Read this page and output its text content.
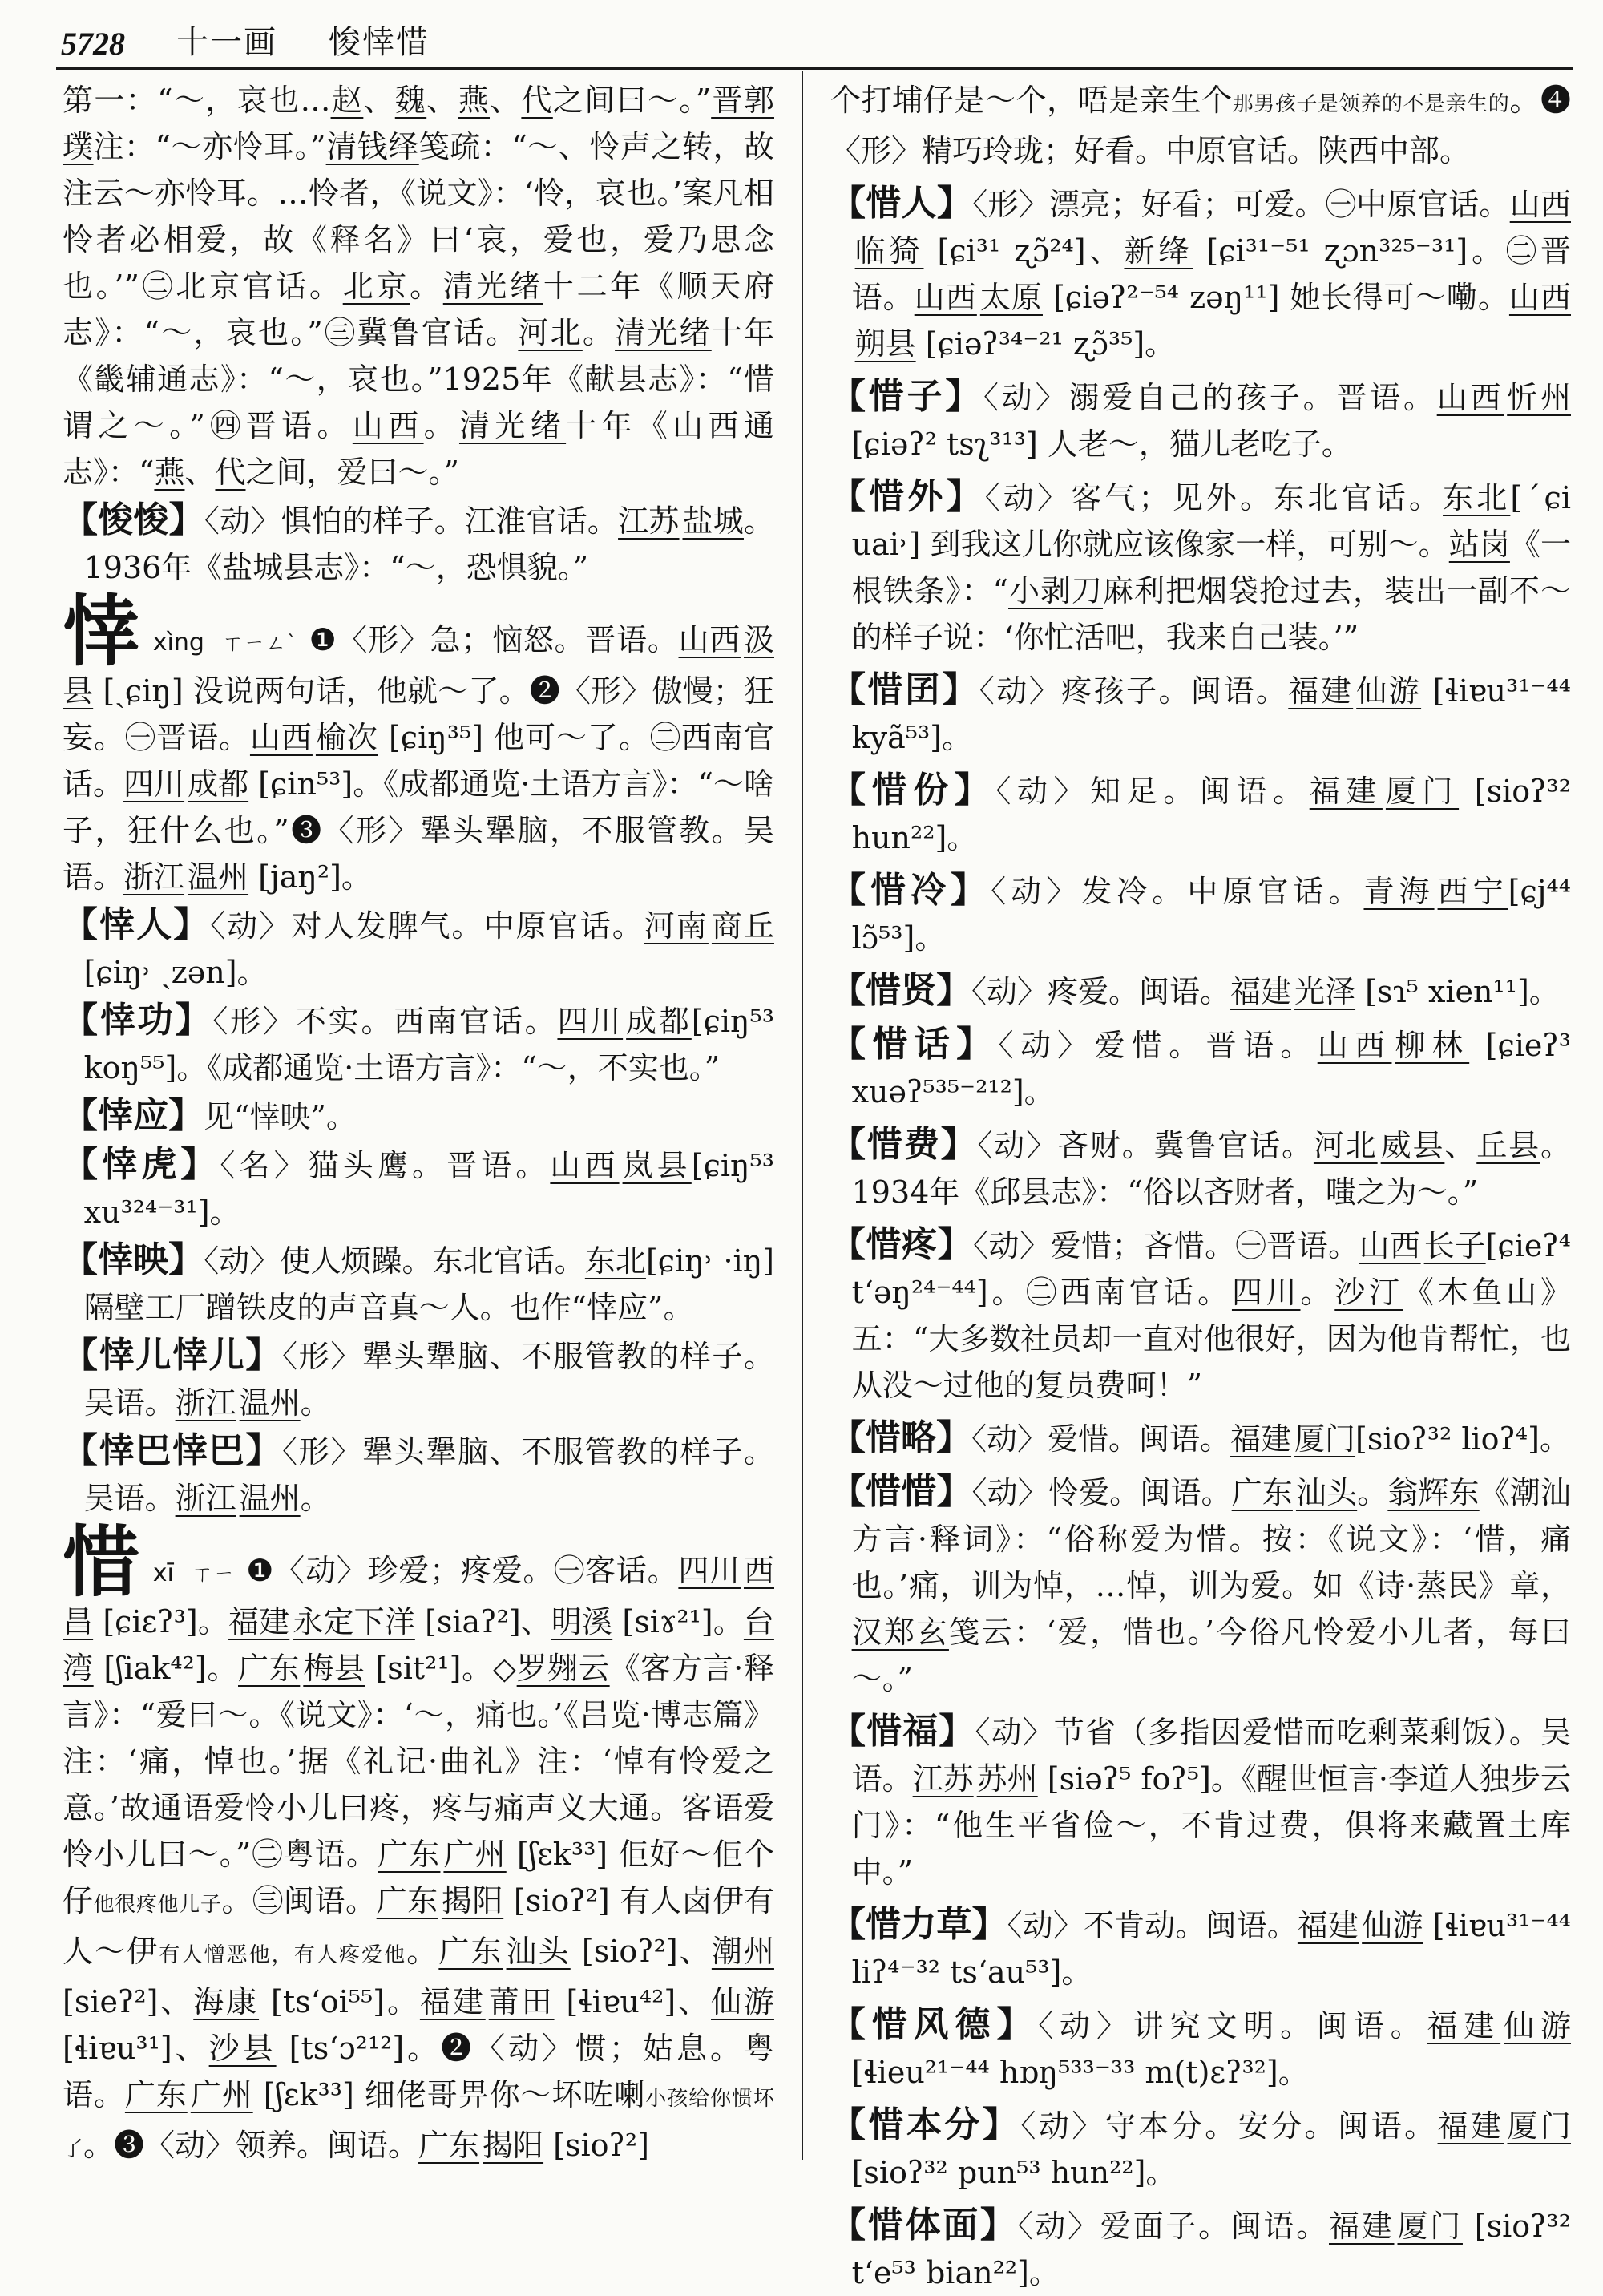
5728 十一画 悛悻惜

第一：“～，哀也…赵、魏、燕、代之间曰～。”晋郭璞注：“～亦怜耳。”清钱绎笺疏：“～、怜声之转，故注云～亦怜耳。…怜者，《说文》：‘怜，哀也。’案凡相怜者必相爱，故《释名》曰‘哀，爱也，爱乃思念也。’”㊁北京官话。北京。清光绪十二年《顺天府志》：“～，哀也。”㊂冀鲁官话。河北。清光绪十年《畿辅通志》：“～，哀也。”1925年《献县志》：“惜谓之～。”㊃晋语。山西。清光绪十年《山西通志》：“燕、代之间，爱曰～。”

【悛悛】〈动〉惧怕的样子。江淮官话。江苏 盐城。1936年《盐城县志》：“～，恐惧貌。”

悻xìng ㄒㄧㄥˋ ❶〈形〉急；恼怒。晋语。山西 汲县 [ˏɕiŋ] 没说两句话，他就～了。❷〈形〉傲慢；狂妄。㊀晋语。山西 榆次 [ɕiŋ³⁵] 他可～了。㊁西南官话。四川 成都 [ɕin⁵³]。《成都通览·土语方言》：“～啥子，狂什么也。”❸〈形〉犟头犟脑，不服管教。吴语。浙江 温州 [jaŋ²]。

【悻人】〈动〉对人发脾气。中原官话。河南 商丘[ɕiŋ˒ ˏzən]。

【悻功】〈形〉不实。西南官话。四川 成都[ɕiŋ⁵³ koŋ⁵⁵]。《成都通览·土语方言》：“～，不实也。”

【悻应】见“悻映”。

【悻虎】〈名〉猫头鹰。晋语。山西 岚县[ɕiŋ⁵³ xu³²⁴⁻³¹]。

【悻映】〈动〉使人烦躁。东北官话。东北[ɕiŋ˒ ·iŋ] 隔壁工厂蹭铁皮的声音真～人。也作“悻应”。

【悻儿悻儿】〈形〉犟头犟脑、不服管教的样子。吴语。浙江 温州。

【悻巴悻巴】〈形〉犟头犟脑、不服管教的样子。吴语。浙江 温州。

惜xī ㄒㄧ ❶〈动〉珍爱；疼爱。㊀客话。四川 西昌 [ɕiɛʔ³]。福建 永定下洋 [siaʔ²]、明溪 [siɤ²¹]。台湾 [ʃiak⁴²]。广东 梅县 [sit²¹]。◇罗翙云《客方言·释言》：“爱曰～。《说文》：‘～，痛也。’《吕览·博志篇》注：‘痛，悼也。’据《礼记·曲礼》注：‘悼有怜爱之意。’故通语爱怜小儿曰疼，疼与痛声义大通。客语爱怜小儿曰～。”㊁粤语。广东 广州 [ʃɛk³³] 佢好～佢个仔他很疼他儿子。㊂闽语。广东 揭阳 [sioʔ²] 有人卤伊有人～伊有人憎恶他，有人疼爱他。广东 汕头 [sioʔ²]、潮州 [sieʔ²]、海康 [tsʻoi⁵⁵]。福建 莆田 [ɬiɐu⁴²]、仙游 [ɬiɐu³¹]、沙县 [tsʻɔ²¹²]。❷〈动〉惯；姑息。粤语。广东 广州 [ʃɛk³³] 细佬哥畀你～坏咗喇小孩给你惯坏了。❸〈动〉领养。闽语。广东 揭阳 [sioʔ²]

个打埔仔是～个，唔是亲生个那男孩子是领养的不是亲生的。❹〈形〉精巧玲珑；好看。中原官话。陕西中部。

【惜人】〈形〉漂亮；好看；可爱。㊀中原官话。山西临猗 [ɕi³¹ ʐɔ̃²⁴]、新绛 [ɕi³¹⁻⁵¹ ʐɔn³²⁵⁻³¹]。㊁晋语。山西 太原 [ɕiəʔ²⁻⁵⁴ zəŋ¹¹] 她长得可～嘞。山西朔县 [ɕiəʔ³⁴⁻²¹ ʐɔ̃³⁵]。

【惜子】〈动〉溺爱自己的孩子。晋语。山西 忻州[ɕiəʔ² tsʅ³¹³] 人老～，猫儿老吃子。

【惜外】〈动〉客气；见外。东北官话。东北[ˊɕi uai˒] 到我这儿你就应该像家一样，可别～。站岗《一根铁条》：“小剥刀麻利把烟袋抢过去，装出一副不～的样子说：‘你忙活吧，我来自己装。’”

【惜囝】〈动〉疼孩子。闽语。福建 仙游 [ɬiɐu³¹⁻⁴⁴ kyã⁵³]。

【惜份】〈动〉知足。闽语。福建 厦门 [sioʔ³² hun²²]。

【惜冷】〈动〉发冷。中原官话。青海 西宁[ɕj⁴⁴ lɔ̃⁵³]。

【惜贤】〈动〉疼爱。闽语。福建 光泽 [sɿ⁵ xien¹¹]。

【惜话】〈动〉爱惜。晋语。山西 柳林 [ɕieʔ³ xuəʔ⁵³⁵⁻²¹²]。

【惜费】〈动〉吝财。冀鲁官话。河北 威县、丘县。1934年《邱县志》：“俗以吝财者，嗤之为～。”

【惜疼】〈动〉爱惜；吝惜。㊀晋语。山西 长子[ɕieʔ⁴ tʻəŋ²⁴⁻⁴⁴]。㊁西南官话。四川。沙汀《木鱼山》五：“大多数社员却一直对他很好，因为他肯帮忙，也从没～过他的复员费呵！”

【惜略】〈动〉爱惜。闽语。福建 厦门[sioʔ³² lioʔ⁴]。

【惜惜】〈动〉怜爱。闽语。广东 汕头。翁辉东《潮汕方言·释词》：“俗称爱为惜。按：《说文》：‘惜，痛也。’痛，训为悼，…悼，训为爱。如《诗·蒸民》章，汉郑玄笺云：‘爱，惜也。’今俗凡怜爱小儿者，每曰～。”

【惜福】〈动〉节省（多指因爱惜而吃剩菜剩饭）。吴语。江苏 苏州 [siəʔ⁵ foʔ⁵]。《醒世恒言·李道人独步云门》：“他生平省俭～，不肯过费，俱将来藏置土库中。”

【惜力草】〈动〉不肯动。闽语。福建 仙游 [ɬiɐu³¹⁻⁴⁴ liʔ⁴⁻³² tsʻau⁵³]。

【惜风德】〈动〉讲究文明。闽语。福建 仙游 [ɬieu²¹⁻⁴⁴ hɒŋ⁵³³⁻³³ m(t)ɛʔ³²]。

【惜本分】〈动〉守本分。安分。闽语。福建 厦门 [sioʔ³² pun⁵³ hun²²]。

【惜体面】〈动〉爱面子。闽语。福建 厦门 [sioʔ³² tʻe⁵³ bian²²]。
